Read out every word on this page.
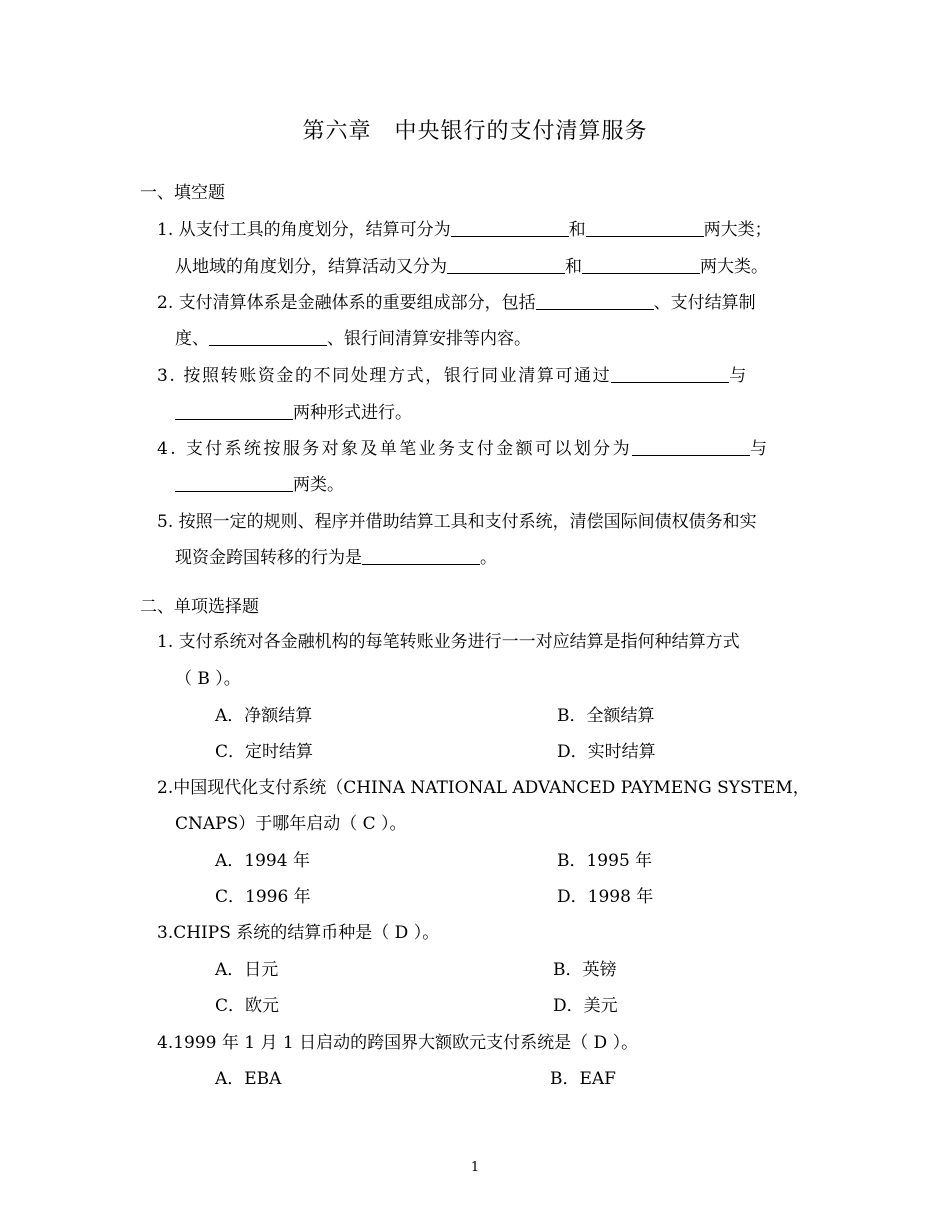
第六章　中央银行的支付清算服务
一、填空题
1. 从支付工具的角度划分，结算可分为	和	两大类；
从地域的角度划分，结算活动又分为	和	两大类。
2. 支付清算体系是金融体系的重要组成部分，包括	、支付结算制
度、	、银行间清算安排等内容。
3. 按照转账资金的不同处理方式，银行同业清算可通过	与
两种形式进行。
4. 支付系统按服务对象及单笔业务支付金额可以划分为	与
两类。
5. 按照一定的规则、程序并借助结算工具和支付系统，清偿国际间债权债务和实
现资金跨国转移的行为是	。
二、单项选择题
1. 支付系统对各金融机构的每笔转账业务进行一一对应结算是指何种结算方式
（ B ）。
A．净额结算	B．全额结算
C．定时结算	D．实时结算
2.中国现代化支付系统（CHINA NATIONAL ADVANCED PAYMENG SYSTEM，
CNAPS）于哪年启动（ C ）。
A．1994 年	B．1995 年
C．1996 年	D．1998 年
3.CHIPS 系统的结算币种是（ D ）。
A．日元	B．英镑
C．欧元	D．美元
4.1999 年 1 月 1 日启动的跨国界大额欧元支付系统是（ D ）。
A．EBA	B．EAF
1
